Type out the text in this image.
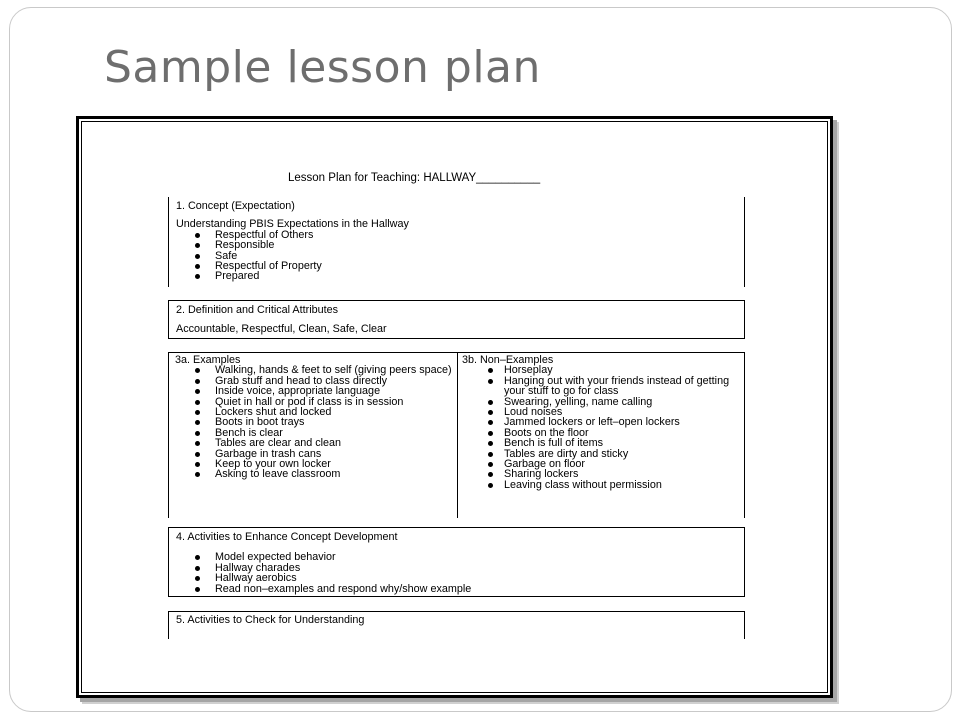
Sample lesson plan
Lesson Plan for Teaching: HALLWAY__________
1. Concept (Expectation)
Understanding PBIS Expectations in the Hallway
Respectful of Others
Responsible
Safe
Respectful of Property
Prepared
2. Definition and Critical Attributes
Accountable, Respectful, Clean, Safe, Clear
3a. Examples
Walking, hands & feet to self (giving peers space)
Grab stuff and head to class directly
Inside voice, appropriate language
Quiet in hall or pod if class is in session
Lockers shut and locked
Boots in boot trays
Bench is clear
Tables are clear and clean
Garbage in trash cans
Keep to your own locker
Asking to leave classroom
3b. Non–Examples
Horseplay
Hanging out with your friends instead of getting your stuff to go for class
Swearing, yelling, name calling
Loud noises
Jammed lockers or left–open lockers
Boots on the floor
Bench is full of items
Tables are dirty and sticky
Garbage on floor
Sharing lockers
Leaving class without permission
4. Activities to Enhance Concept Development
Model expected behavior
Hallway charades
Hallway aerobics
Read non–examples and respond why/show example
5. Activities to Check for Understanding
